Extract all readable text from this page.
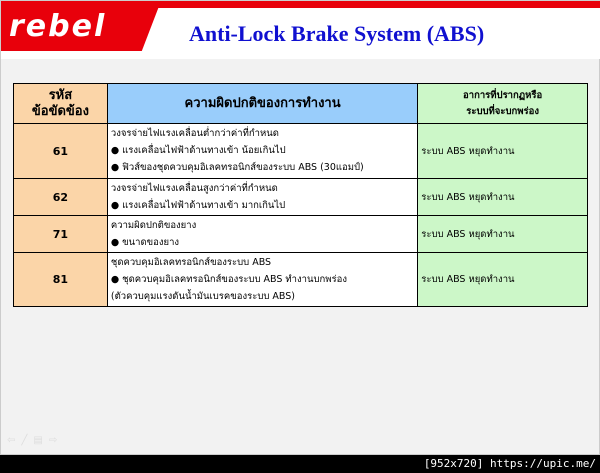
rebel	Anti-Lock Brake System (ABS)
รหัส
ข้อขัดข้อง	ความผิดปกติของการทำงาน	อาการที่ปรากฏหรือ
ระบบที่จะบกพร่อง
61	วงจรจ่ายไฟแรงเคลื่อนต่ำกว่าค่าที่กำหนด
● แรงเคลื่อนไฟฟ้าด้านทางเข้า น้อยเกินไป
● ฟิวส์ของชุดควบคุมอิเลคทรอนิกส์ของระบบ ABS (30แอมป์)	ระบบ ABS หยุดทำงาน
62	วงจรจ่ายไฟแรงเคลื่อนสูงกว่าค่าที่กำหนด
● แรงเคลื่อนไฟฟ้าด้านทางเข้า มากเกินไป	ระบบ ABS หยุดทำงาน
71	ความผิดปกติของยาง
● ขนาดของยาง	ระบบ ABS หยุดทำงาน
81	ชุดควบคุมอิเลคทรอนิกส์ของระบบ ABS
● ชุดควบคุมอิเลคทรอนิกส์ของระบบ ABS ทำงานบกพร่อง
(ตัวควบคุมแรงดันน้ำมันเบรคของระบบ ABS)	ระบบ ABS หยุดทำงาน
⇦╱▤⇨
[952x720] https://upic.me/
